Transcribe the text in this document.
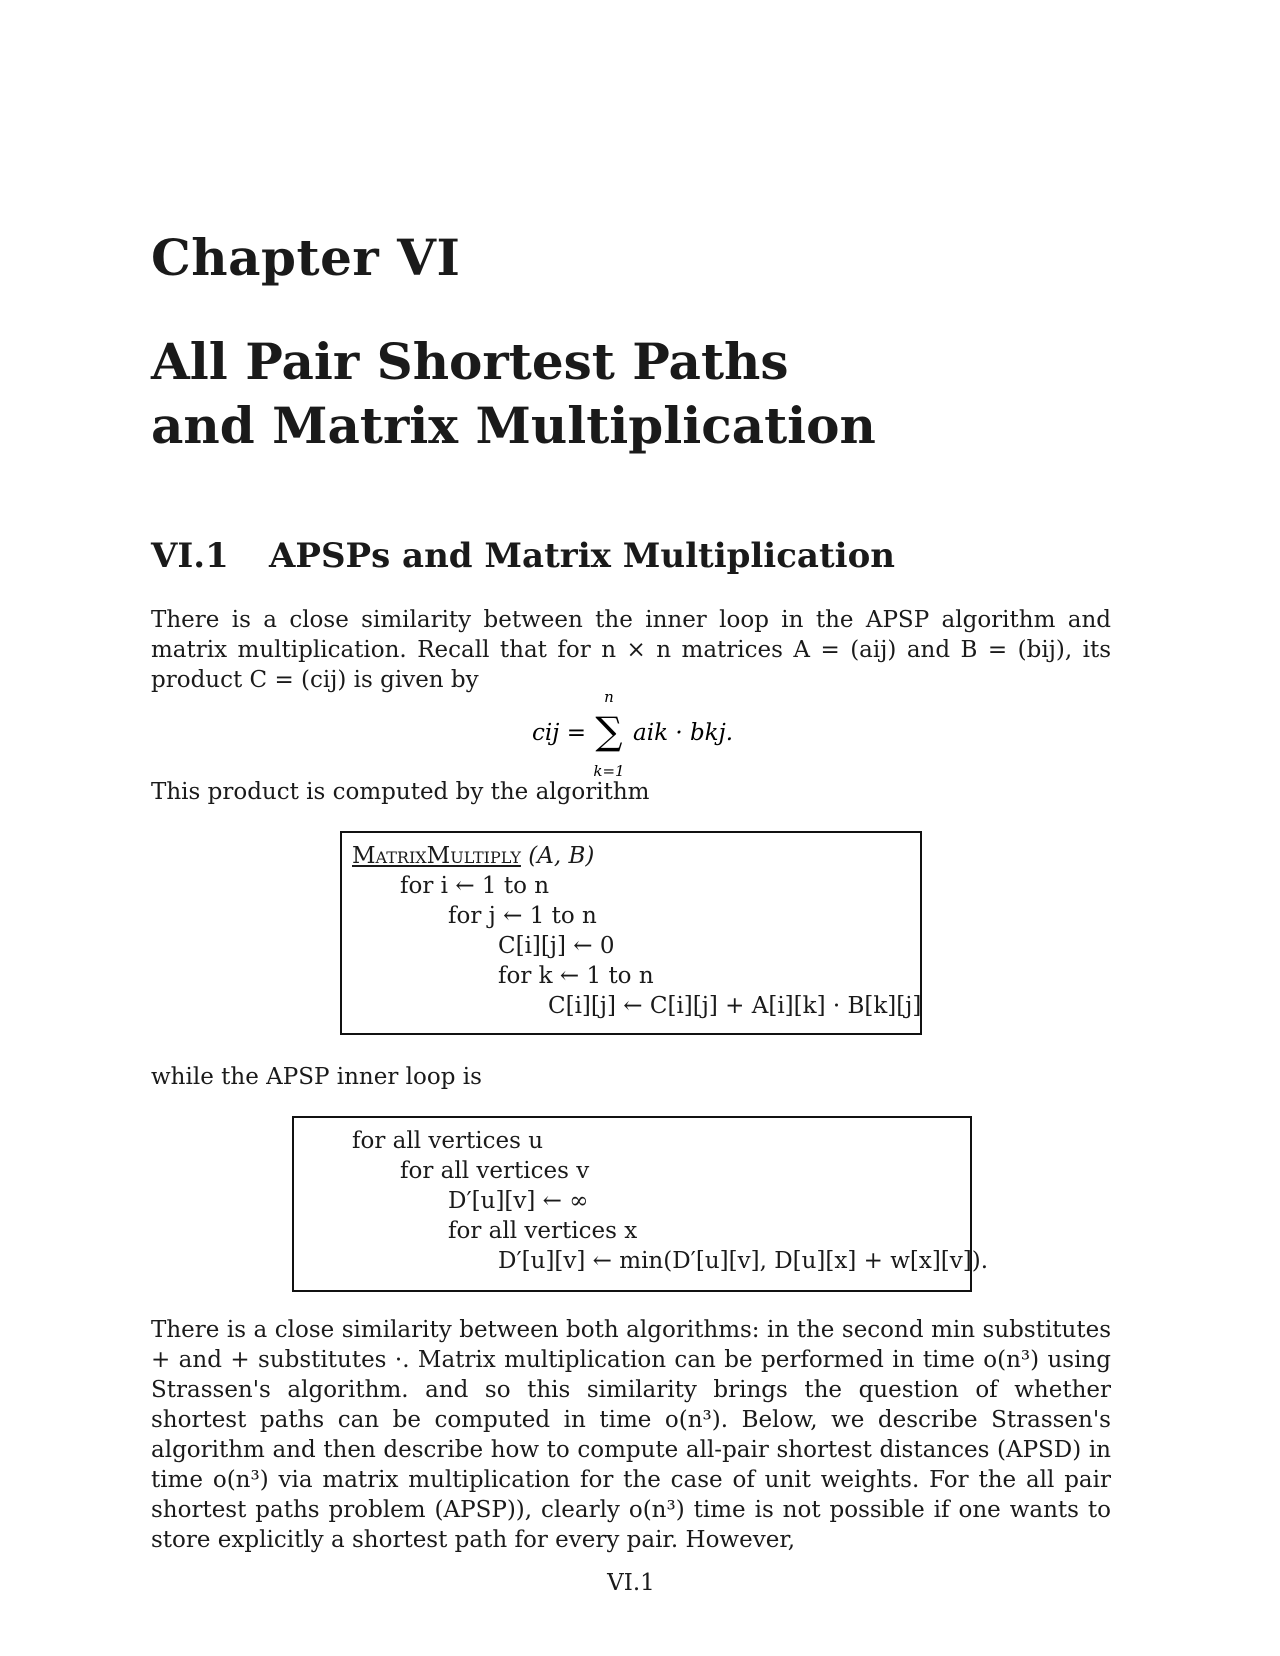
Chapter VI
All Pair Shortest Paths
and Matrix Multiplication
VI.1 APSPs and Matrix Multiplication

There is a close similarity between the inner loop in the APSP algorithm and matrix multiplication. Recall that for n × n matrices A = (aij) and B = (bij), its product C = (cij) is given by

cij =
n
∑
k=1
aik · bkj.

This product is computed by the algorithm

MatrixMultiply (A, B)
for i ← 1 to n
for j ← 1 to n
C[i][j] ← 0
for k ← 1 to n
C[i][j] ← C[i][j] + A[i][k] · B[k][j]

while the APSP inner loop is

for all vertices u
for all vertices v
D′[u][v] ← ∞
for all vertices x
D′[u][v] ← min(D′[u][v], D[u][x] + w[x][v]).

There is a close similarity between both algorithms: in the second min substitutes + and + substitutes ·. Matrix multiplication can be performed in time o(n³) using Strassen's algorithm. and so this similarity brings the question of whether shortest paths can be computed in time o(n³). Below, we describe Strassen's algorithm and then describe how to compute all-pair shortest distances (APSD) in time o(n³) via matrix multiplication for the case of unit weights. For the all pair shortest paths problem (APSP)), clearly o(n³) time is not possible if one wants to store explicitly a shortest path for every pair. However,

VI.1
